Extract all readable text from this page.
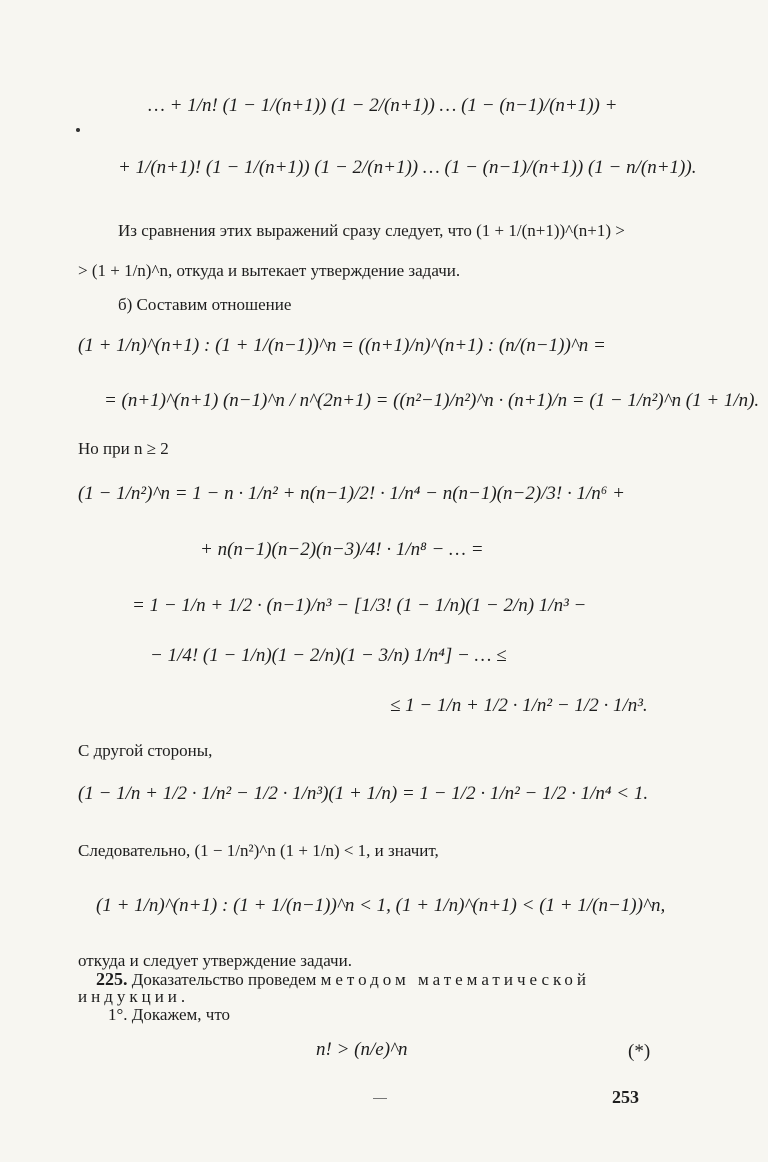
… + 1/n! (1 − 1/(n+1)) (1 − 2/(n+1)) … (1 − (n−1)/(n+1)) +
+ 1/(n+1)! (1 − 1/(n+1)) (1 − 2/(n+1)) … (1 − (n−1)/(n+1)) (1 − n/(n+1)).
Из сравнения этих выражений сразу следует, что (1 + 1/(n+1))^(n+1) >
> (1 + 1/n)^n, откуда и вытекает утверждение задачи.
б) Составим отношение
(1 + 1/n)^(n+1) : (1 + 1/(n−1))^n = ((n+1)/n)^(n+1) : (n/(n−1))^n =
= (n+1)^(n+1) (n−1)^n / n^(2n+1) = ((n²−1)/n²)^n · (n+1)/n = (1 − 1/n²)^n (1 + 1/n).
Но при n ≥ 2
(1 − 1/n²)^n = 1 − n · 1/n² + n(n−1)/2! · 1/n⁴ − n(n−1)(n−2)/3! · 1/n⁶ +
+ n(n−1)(n−2)(n−3)/4! · 1/n⁸ − … =
= 1 − 1/n + 1/2 · (n−1)/n³ − [1/3! (1 − 1/n)(1 − 2/n) 1/n³ −
− 1/4! (1 − 1/n)(1 − 2/n)(1 − 3/n) 1/n⁴] − … ≤
≤ 1 − 1/n + 1/2 · 1/n² − 1/2 · 1/n³.
С другой стороны,
(1 − 1/n + 1/2 · 1/n² − 1/2 · 1/n³)(1 + 1/n) = 1 − 1/2 · 1/n² − 1/2 · 1/n⁴ < 1.
Следовательно, (1 − 1/n²)^n (1 + 1/n) < 1, и значит,
(1 + 1/n)^(n+1) : (1 + 1/(n−1))^n < 1, (1 + 1/n)^(n+1) < (1 + 1/(n−1))^n,
откуда и следует утверждение задачи.
225.
Доказательство проведем
методом математической
индукции.
1°. Докажем, что
n! > (n/e)^n	(*)
253
